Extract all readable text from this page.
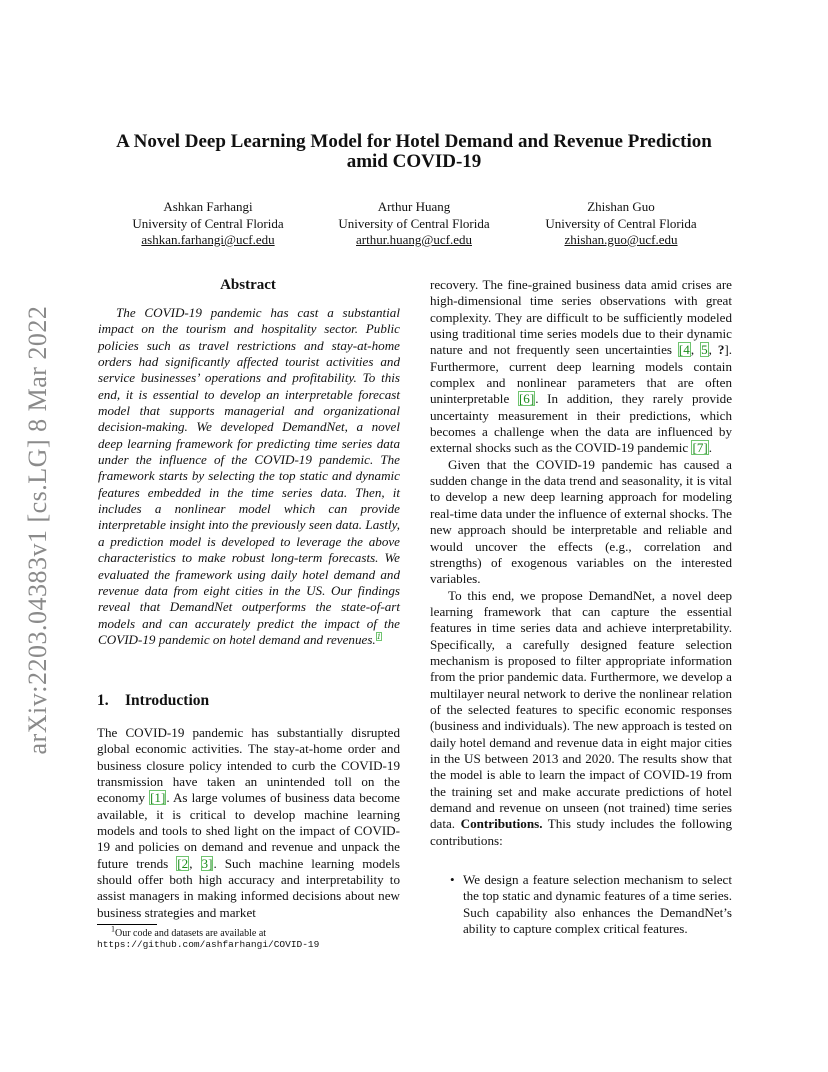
arXiv:2203.04383v1 [cs.LG] 8 Mar 2022
A Novel Deep Learning Model for Hotel Demand and Revenue Prediction
amid COVID-19
Ashkan Farhangi
University of Central Florida
ashkan.farhangi@ucf.edu
Arthur Huang
University of Central Florida
arthur.huang@ucf.edu
Zhishan Guo
University of Central Florida
zhishan.guo@ucf.edu
Abstract
The COVID-19 pandemic has cast a substantial impact on the tourism and hospitality sector. Public policies such as travel restrictions and stay-at-home orders had significantly affected tourist activities and service businesses’ operations and profitability. To this end, it is essential to develop an interpretable forecast model that supports managerial and organizational decision-making. We developed DemandNet, a novel deep learning framework for predicting time series data under the influence of the COVID-19 pandemic. The framework starts by selecting the top static and dynamic features embedded in the time series data. Then, it includes a nonlinear model which can provide interpretable insight into the previously seen data. Lastly, a prediction model is developed to leverage the above characteristics to make robust long-term forecasts. We evaluated the framework using daily hotel demand and revenue data from eight cities in the US. Our findings reveal that DemandNet outperforms the state-of-art models and can accurately predict the impact of the COVID-19 pandemic on hotel demand and revenues.$^1$
1. Introduction

The COVID-19 pandemic has substantially disrupted global economic activities. The stay-at-home order and business closure policy intended to curb the COVID-19 transmission have taken an unintended toll on the economy [1]. As large volumes of business data become available, it is critical to develop machine learning models and tools to shed light on the impact of COVID-19 and policies on demand and revenue and unpack the future trends [2, 3]. Such machine learning models should offer both high accuracy and interpretability to assist managers in making informed decisions about new business strategies and market

$^1$Our code and datasets are available at
https://github.com/ashfarhangi/COVID-19

recovery. The fine-grained business data amid crises are high-dimensional time series observations with great complexity. They are difficult to be sufficiently modeled using traditional time series models due to their dynamic nature and not frequently seen uncertainties [4, 5, ?]. Furthermore, current deep learning models contain complex and nonlinear parameters that are often uninterpretable [6]. In addition, they rarely provide uncertainty measurement in their predictions, which becomes a challenge when the data are influenced by external shocks such as the COVID-19 pandemic [7].

Given that the COVID-19 pandemic has caused a sudden change in the data trend and seasonality, it is vital to develop a new deep learning approach for modeling real-time data under the influence of external shocks. The new approach should be interpretable and reliable and would uncover the effects (e.g., correlation and strengths) of exogenous variables on the interested variables.

To this end, we propose DemandNet, a novel deep learning framework that can capture the essential features in time series data and achieve interpretability. Specifically, a carefully designed feature selection mechanism is proposed to filter appropriate information from the prior pandemic data. Furthermore, we develop a multilayer neural network to derive the nonlinear relation of the selected features to specific economic responses (business and individuals). The new approach is tested on daily hotel demand and revenue data in eight major cities in the US between 2013 and 2020. The results show that the model is able to learn the impact of COVID-19 from the training set and make accurate predictions of hotel demand and revenue on unseen (not trained) time series data. Contributions. This study includes the following contributions:

• We design a feature selection mechanism to select the top static and dynamic features of a time series. Such capability also enhances the DemandNet’s ability to capture complex critical features.
